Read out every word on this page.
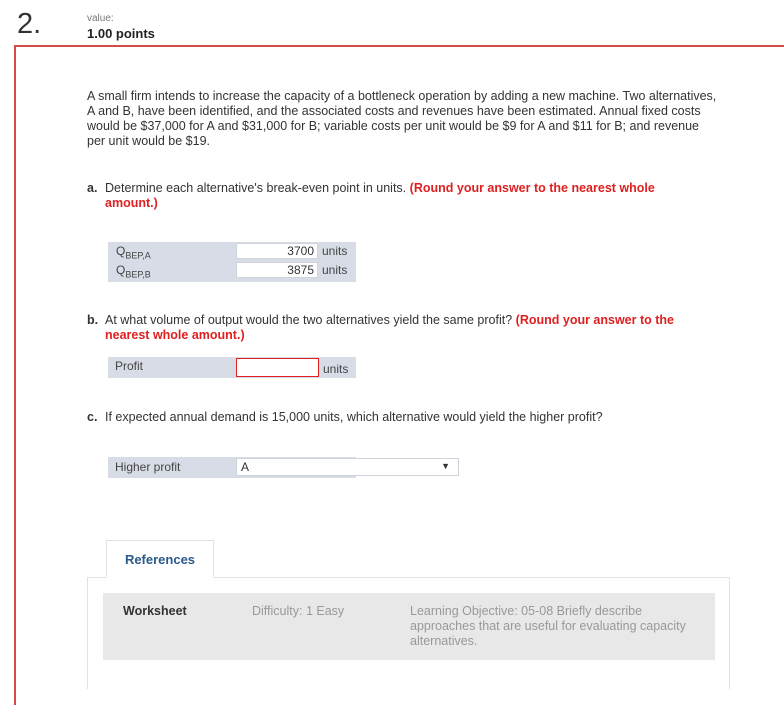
2.	value:
1.00 points
A small firm intends to increase the capacity of a bottleneck operation by adding a new machine. Two alternatives, A and B, have been identified, and the associated costs and revenues have been estimated. Annual fixed costs would be $37,000 for A and $31,000 for B; variable costs per unit would be $9 for A and $11 for B; and revenue per unit would be $19.
a. Determine each alternative's break-even point in units. (Round your answer to the nearest whole amount.)
$Q_{BEP,A}$	3700 units
$Q_{BEP,B}$	3875 units
b. At what volume of output would the two alternatives yield the same profit? (Round your answer to the nearest whole amount.)
Profit	units
c. If expected annual demand is 15,000 units, which alternative would yield the higher profit?
Higher profit	A	▼
References
Worksheet	Difficulty: 1 Easy	Learning Objective: 05-08 Briefly describe approaches that are useful for evaluating capacity alternatives.
